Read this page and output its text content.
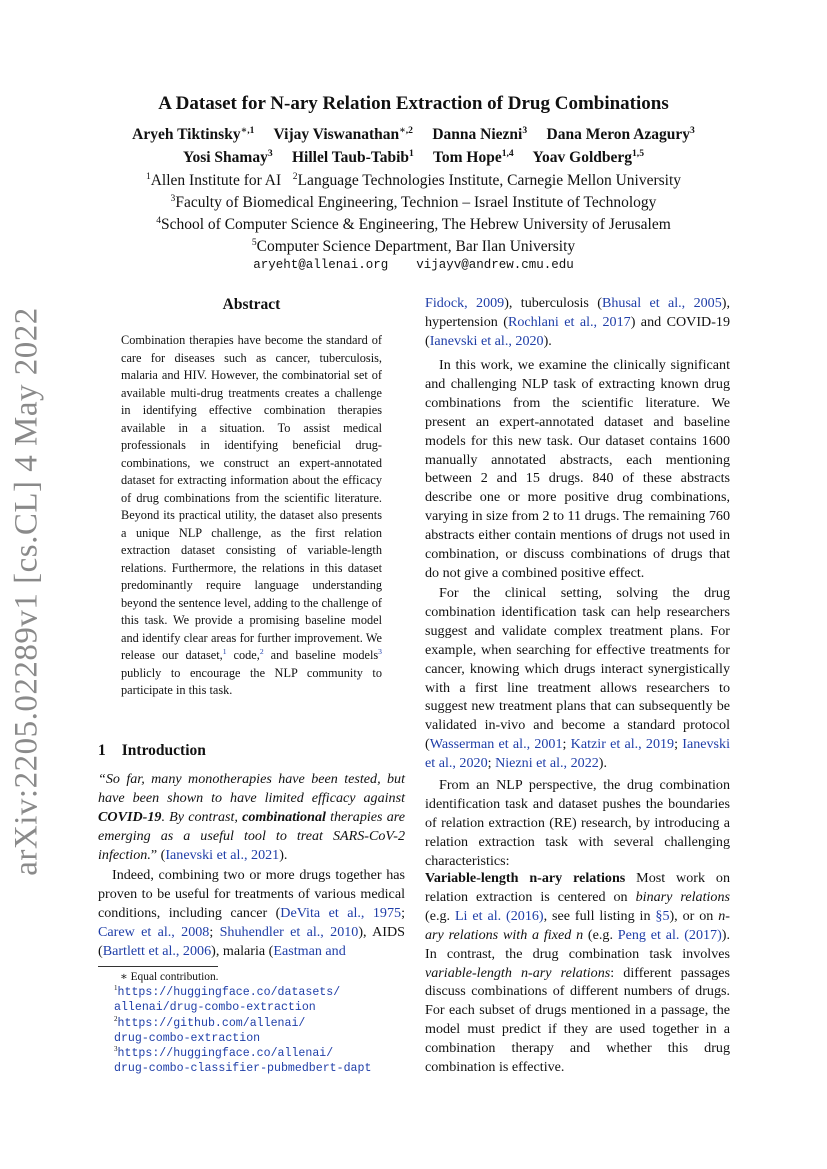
arXiv:2205.02289v1 [cs.CL] 4 May 2022
A Dataset for N-ary Relation Extraction of Drug Combinations
Aryeh Tiktinsky$^{∗,1}$ Vijay Viswanathan$^{∗,2}$ Danna Niezni$^3$ Dana Meron Azagury$^3$
Yosi Shamay$^3$ Hillel Taub-Tabib$^1$ Tom Hope$^{1,4}$ Yoav Goldberg$^{1,5}$
$^1$Allen Institute for AI $^2$Language Technologies Institute, Carnegie Mellon University
$^3$Faculty of Biomedical Engineering, Technion – Israel Institute of Technology
$^4$School of Computer Science & Engineering, The Hebrew University of Jerusalem
$^5$Computer Science Department, Bar Ilan University
aryeht@allenai.org vijayv@andrew.cmu.edu
Abstract
Combination therapies have become the standard of care for diseases such as cancer, tuberculosis, malaria and HIV. However, the combinatorial set of available multi-drug treatments creates a challenge in identifying effective combination therapies available in a situation. To assist medical professionals in identifying beneficial drug-combinations, we construct an expert-annotated dataset for extracting information about the efficacy of drug combinations from the scientific literature. Beyond its practical utility, the dataset also presents a unique NLP challenge, as the first relation extraction dataset consisting of variable-length relations. Furthermore, the relations in this dataset predominantly require language understanding beyond the sentence level, adding to the challenge of this task. We provide a promising baseline model and identify clear areas for further improvement. We release our dataset,$^1$ code,$^2$ and baseline models$^3$ publicly to encourage the NLP community to participate in this task.
1 Introduction

“So far, many monotherapies have been tested, but have been shown to have limited efficacy against COVID-19. By contrast, combinational therapies are emerging as a useful tool to treat SARS-CoV-2 infection.” (Ianevski et al., 2021).

Indeed, combining two or more drugs together has proven to be useful for treatments of various medical conditions, including cancer (DeVita et al., 1975; Carew et al., 2008; Shuhendler et al., 2010), AIDS (Bartlett et al., 2006), malaria (Eastman and

∗ Equal contribution.

$^1$https://huggingface.co/datasets/
allenai/drug-combo-extraction

$^2$https://github.com/allenai/
drug-combo-extraction

$^3$https://huggingface.co/allenai/
drug-combo-classifier-pubmedbert-dapt

Fidock, 2009), tuberculosis (Bhusal et al., 2005), hypertension (Rochlani et al., 2017) and COVID-19 (Ianevski et al., 2020).

In this work, we examine the clinically significant and challenging NLP task of extracting known drug combinations from the scientific literature. We present an expert-annotated dataset and baseline models for this new task. Our dataset contains 1600 manually annotated abstracts, each mentioning between 2 and 15 drugs. 840 of these abstracts describe one or more positive drug combinations, varying in size from 2 to 11 drugs. The remaining 760 abstracts either contain mentions of drugs not used in combination, or discuss combinations of drugs that do not give a combined positive effect.

For the clinical setting, solving the drug combination identification task can help researchers suggest and validate complex treatment plans. For example, when searching for effective treatments for cancer, knowing which drugs interact synergistically with a first line treatment allows researchers to suggest new treatment plans that can subsequently be validated in-vivo and become a standard protocol (Wasserman et al., 2001; Katzir et al., 2019; Ianevski et al., 2020; Niezni et al., 2022).

From an NLP perspective, the drug combination identification task and dataset pushes the boundaries of relation extraction (RE) research, by introducing a relation extraction task with several challenging characteristics:

Variable-length n-ary relations Most work on relation extraction is centered on binary relations (e.g. Li et al. (2016), see full listing in §5), or on n-ary relations with a fixed n (e.g. Peng et al. (2017)). In contrast, the drug combination task involves variable-length n-ary relations: different passages discuss combinations of different numbers of drugs. For each subset of drugs mentioned in a passage, the model must predict if they are used together in a combination therapy and whether this drug combination is effective.
